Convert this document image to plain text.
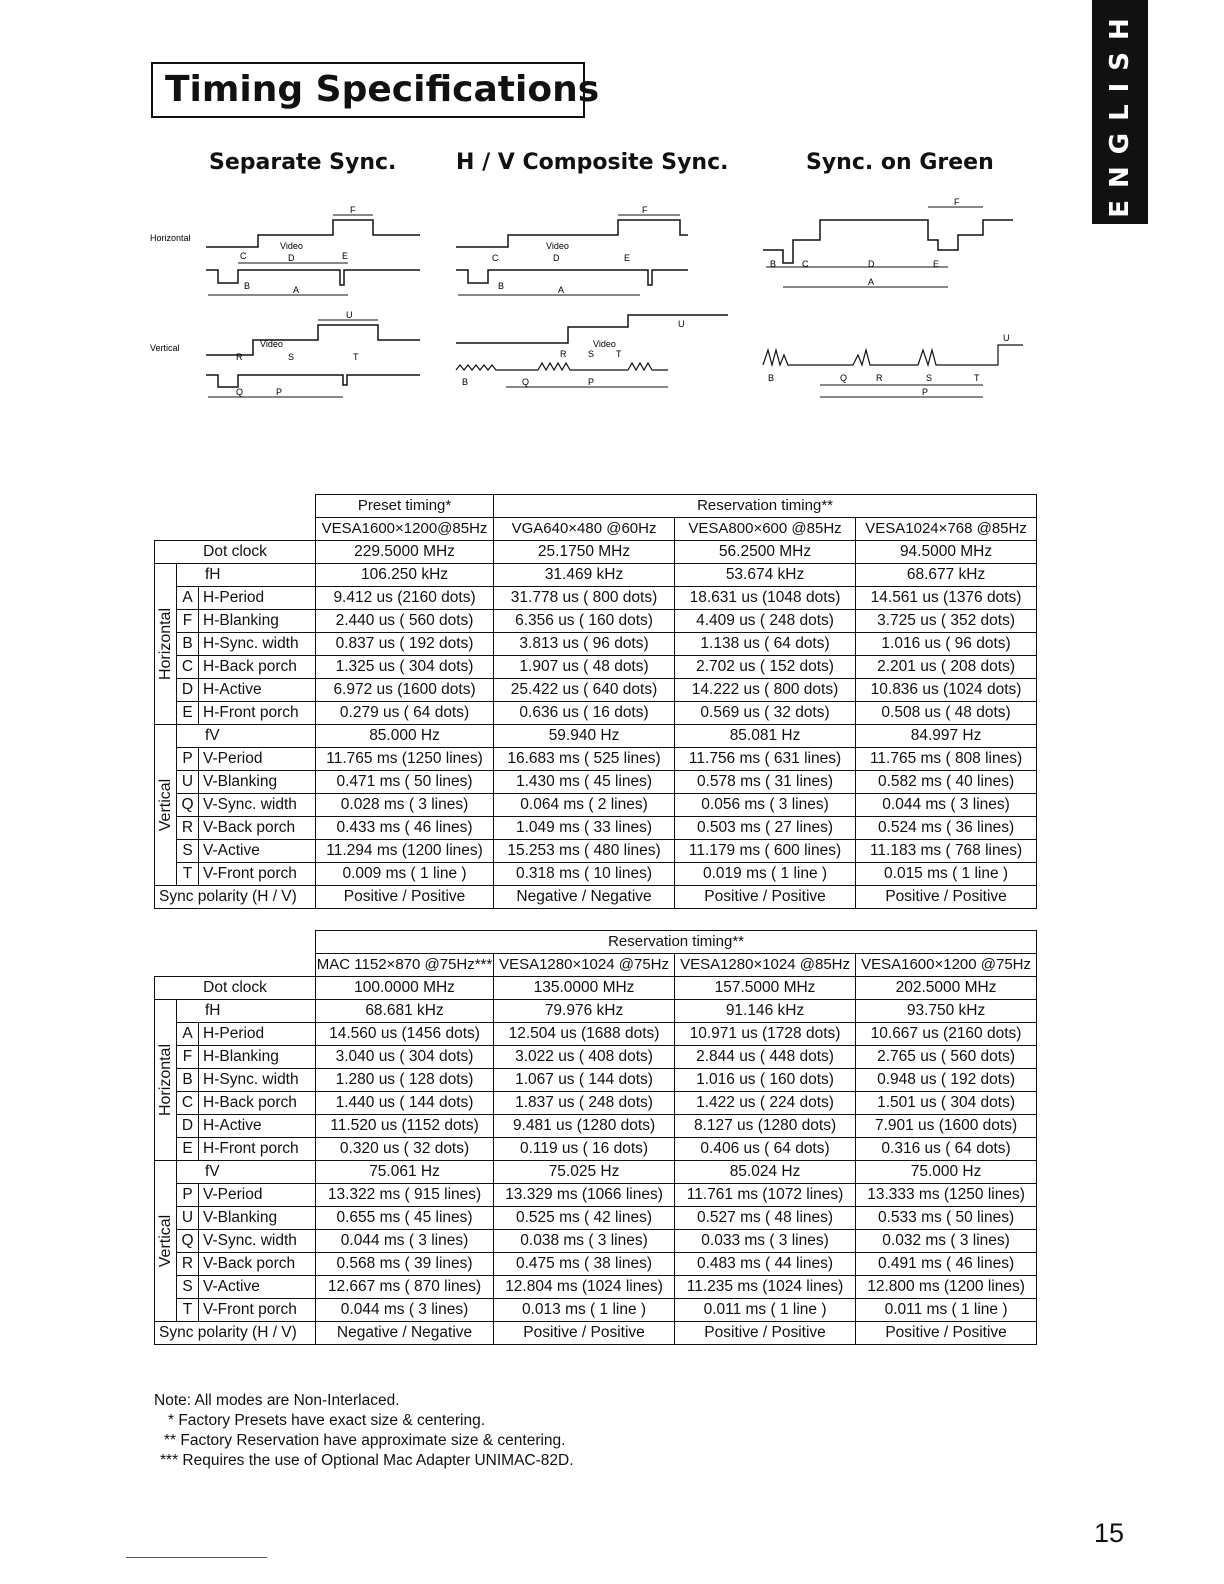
Timing Specifications	ENGLISH
Separate Sync.	H / V Composite Sync.	Sync. on Green
Horizontal
Video
F
D
C	E
A
B
Vertical	Video
U
R	S	T
Q	P
Video
F
C	D	E
A
B
Video
U
R S T
Q	P
B
F
B	C	D	E
A
U
Q	R	S	T
P
B
			Preset timing*	Reservation timing**		
			VESA1600×1200@85Hz	VGA640×480 @60Hz	VESA800×600 @85Hz	VESA1024×768 @85Hz
Dot clock			229.5000 MHz	25.1750 MHz	56.2500 MHz	94.5000 MHz

Horizontal	fH		106.250 kHz	31.469 kHz	53.674 kHz	68.677 kHz
	A	H-Period	9.412 us (2160 dots)	31.778 us ( 800 dots)	18.631 us (1048 dots)	14.561 us (1376 dots)
	F	H-Blanking	2.440 us ( 560 dots)	6.356 us ( 160 dots)	4.409 us ( 248 dots)	3.725 us ( 352 dots)
	B	H-Sync. width	0.837 us ( 192 dots)	3.813 us ( 96 dots)	1.138 us ( 64 dots)	1.016 us ( 96 dots)
	C	H-Back porch	1.325 us ( 304 dots)	1.907 us ( 48 dots)	2.702 us ( 152 dots)	2.201 us ( 208 dots)
	D	H-Active	6.972 us (1600 dots)	25.422 us ( 640 dots)	14.222 us ( 800 dots)	10.836 us (1024 dots)
	E	H-Front porch	0.279 us ( 64 dots)	0.636 us ( 16 dots)	0.569 us ( 32 dots)	0.508 us ( 48 dots)

Vertical	fV		85.000 Hz	59.940 Hz	85.081 Hz	84.997 Hz
	P	V-Period	11.765 ms (1250 lines)	16.683 ms ( 525 lines)	11.756 ms ( 631 lines)	11.765 ms ( 808 lines)
	U	V-Blanking	0.471 ms ( 50 lines)	1.430 ms ( 45 lines)	0.578 ms ( 31 lines)	0.582 ms ( 40 lines)
	Q	V-Sync. width	0.028 ms ( 3 lines)	0.064 ms ( 2 lines)	0.056 ms ( 3 lines)	0.044 ms ( 3 lines)
	R	V-Back porch	0.433 ms ( 46 lines)	1.049 ms ( 33 lines)	0.503 ms ( 27 lines)	0.524 ms ( 36 lines)
	S	V-Active	11.294 ms (1200 lines)	15.253 ms ( 480 lines)	11.179 ms ( 600 lines)	11.183 ms ( 768 lines)
	T	V-Front porch	0.009 ms ( 1 line )	0.318 ms ( 10 lines)	0.019 ms ( 1 line )	0.015 ms ( 1 line )
Sync polarity (H / V)			Positive / Positive	Negative / Negative	Positive / Positive	Positive / Positive
			Reservation timing**			
			MAC 1152×870 @75Hz***	VESA1280×1024 @75Hz	VESA1280×1024 @85Hz	VESA1600×1200 @75Hz
Dot clock			100.0000 MHz	135.0000 MHz	157.5000 MHz	202.5000 MHz

Horizontal	fH		68.681 kHz	79.976 kHz	91.146 kHz	93.750 kHz
	A	H-Period	14.560 us (1456 dots)	12.504 us (1688 dots)	10.971 us (1728 dots)	10.667 us (2160 dots)
	F	H-Blanking	3.040 us ( 304 dots)	3.022 us ( 408 dots)	2.844 us ( 448 dots)	2.765 us ( 560 dots)
	B	H-Sync. width	1.280 us ( 128 dots)	1.067 us ( 144 dots)	1.016 us ( 160 dots)	0.948 us ( 192 dots)
	C	H-Back porch	1.440 us ( 144 dots)	1.837 us ( 248 dots)	1.422 us ( 224 dots)	1.501 us ( 304 dots)
	D	H-Active	11.520 us (1152 dots)	9.481 us (1280 dots)	8.127 us (1280 dots)	7.901 us (1600 dots)
	E	H-Front porch	0.320 us ( 32 dots)	0.119 us ( 16 dots)	0.406 us ( 64 dots)	0.316 us ( 64 dots)

Vertical	fV		75.061 Hz	75.025 Hz	85.024 Hz	75.000 Hz
	P	V-Period	13.322 ms ( 915 lines)	13.329 ms (1066 lines)	11.761 ms (1072 lines)	13.333 ms (1250 lines)
	U	V-Blanking	0.655 ms ( 45 lines)	0.525 ms ( 42 lines)	0.527 ms ( 48 lines)	0.533 ms ( 50 lines)
	Q	V-Sync. width	0.044 ms ( 3 lines)	0.038 ms ( 3 lines)	0.033 ms ( 3 lines)	0.032 ms ( 3 lines)
	R	V-Back porch	0.568 ms ( 39 lines)	0.475 ms ( 38 lines)	0.483 ms ( 44 lines)	0.491 ms ( 46 lines)
	S	V-Active	12.667 ms ( 870 lines)	12.804 ms (1024 lines)	11.235 ms (1024 lines)	12.800 ms (1200 lines)
	T	V-Front porch	0.044 ms ( 3 lines)	0.013 ms ( 1 line )	0.011 ms ( 1 line )	0.011 ms ( 1 line )
Sync polarity (H / V)			Negative / Negative	Positive / Positive	Positive / Positive	Positive / Positive
Note: All modes are Non-Interlaced.
* Factory Presets have exact size & centering.
** Factory Reservation have approximate size & centering.
*** Requires the use of Optional Mac Adapter UNIMAC-82D.
15
